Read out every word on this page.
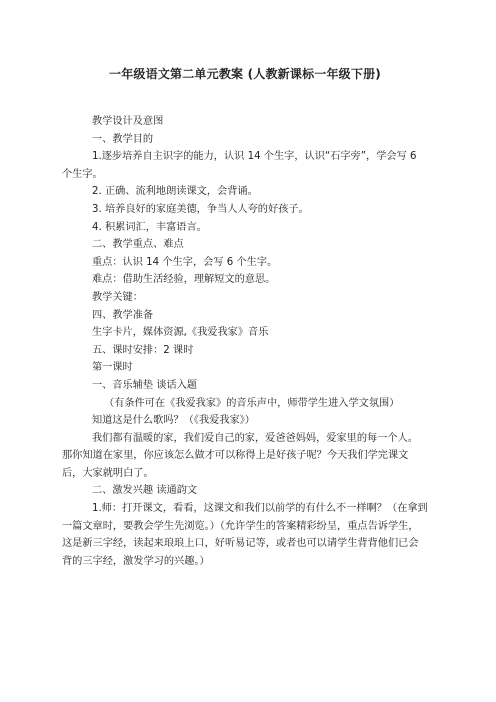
一年级语文第二单元教案 (人教新课标一年级下册)

教学设计及意图

一、教学目的

1.逐步培养自主识字的能力，认识 14 个生字，认识“石字旁”，学会写 6 个生字。

2. 正确、流利地朗读课文，会背诵。

3. 培养良好的家庭美德，争当人人夸的好孩子。

4. 积累词汇，丰富语言。

二、教学重点、难点

重点：认识 14 个生字，会写 6 个生字。

难点：借助生活经验，理解短文的意思。

教学关键：

四、教学准备

生字卡片，媒体资源,《我爱我家》音乐

五、课时安排：2 课时

第一课时

一、音乐辅垫 谈话入题

（有条件可在《我爱我家》的音乐声中，师带学生进入学文氛围）

知道这是什么歌吗？（《我爱我家》）

我们都有温暖的家，我们爱自己的家，爱爸爸妈妈，爱家里的每一个人。那你知道在家里，你应该怎么做才可以称得上是好孩子呢？今天我们学完课文后，大家就明白了。

二、激发兴趣 读通韵文

1.师：打开课文，看看，这课文和我们以前学的有什么不一样啊？（在拿到一篇文章时，要教会学生先浏览。）（允许学生的答案精彩纷呈，重点告诉学生，这是新三字经，读起来琅琅上口，好听易记等，或者也可以请学生背背他们已会背的三字经，激发学习的兴趣。）
